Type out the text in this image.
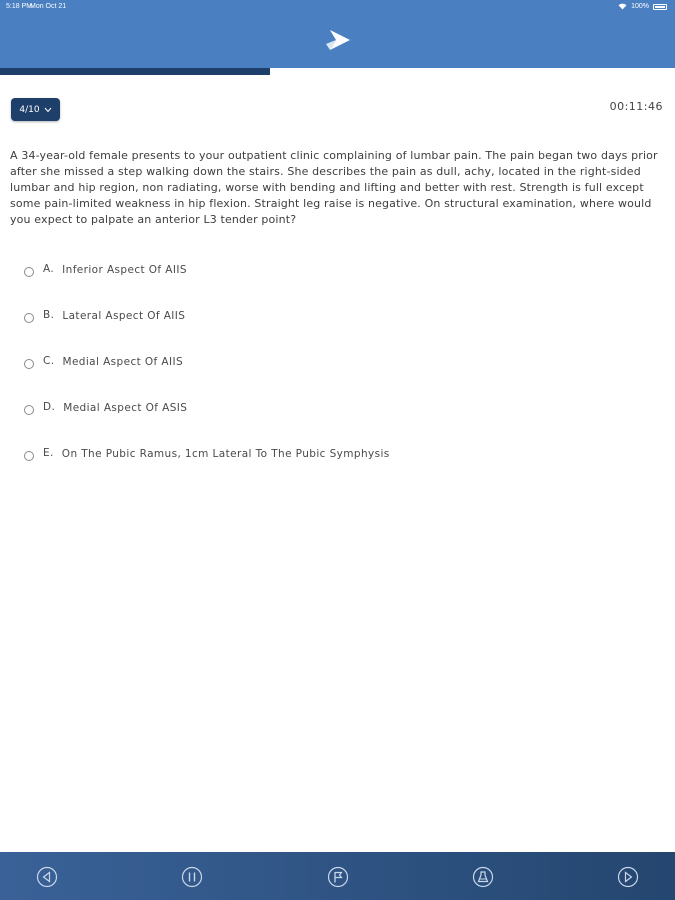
5:18 PM
Mon Oct 21	100%
4/10	00:11:46
A 34-year-old female presents to your outpatient clinic complaining of lumbar pain. The pain began two days prior after she missed a step walking down the stairs. She describes the pain as dull, achy, located in the right-sided lumbar and hip region, non radiating, worse with bending and lifting and better with rest. Strength is full except some pain-limited weakness in hip flexion. Straight leg raise is negative. On structural examination, where would you expect to palpate an anterior L3 tender point?
A. Inferior Aspect Of AIIS
B. Lateral Aspect Of AIIS
C. Medial Aspect Of AIIS
D. Medial Aspect Of ASIS
E. On The Pubic Ramus, 1cm Lateral To The Pubic Symphysis
